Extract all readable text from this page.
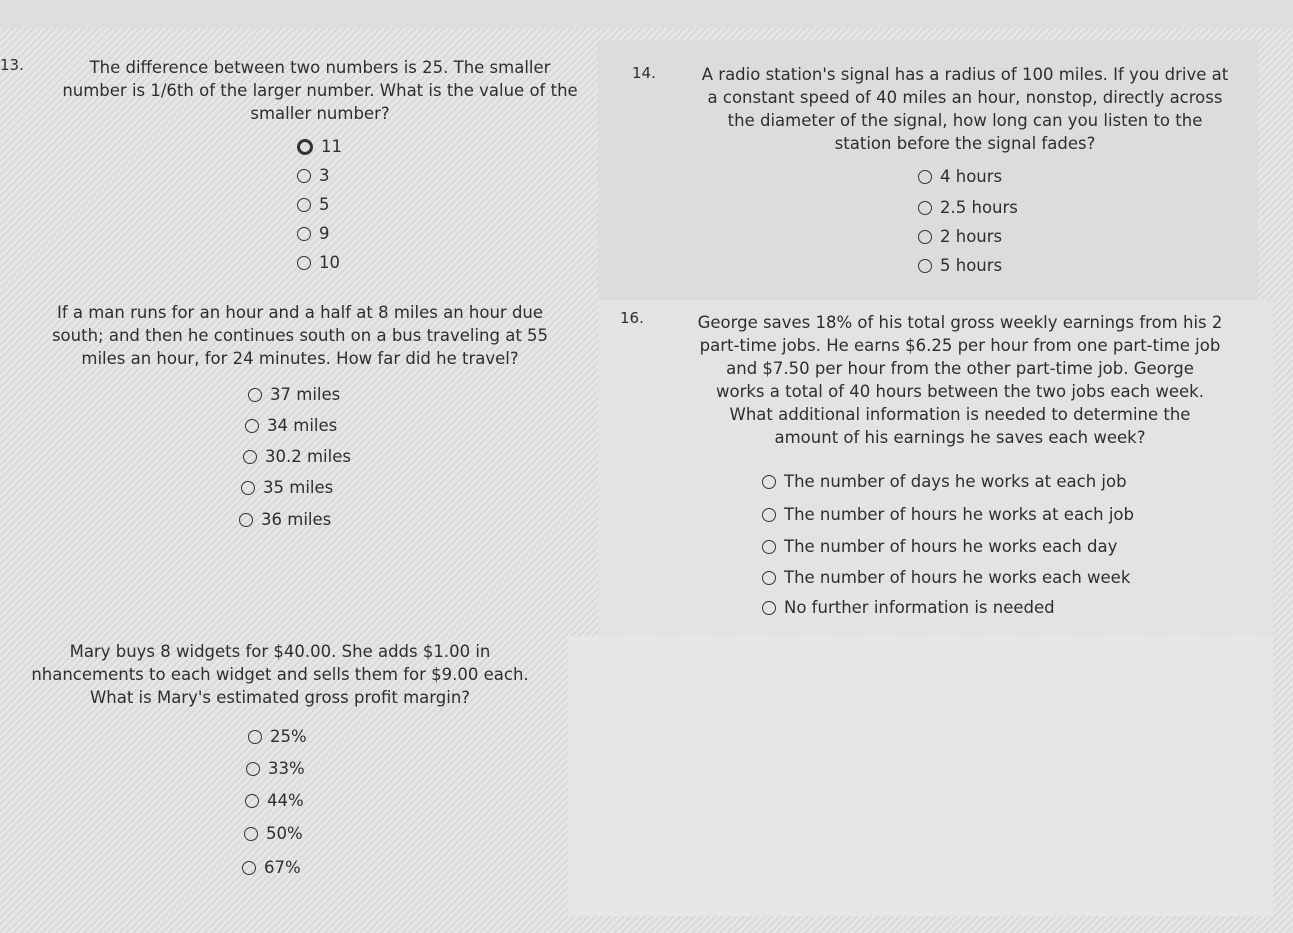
13.	The difference between two numbers is 25. The smaller
number is 1/6th of the larger number. What is the value of the
smaller number?
11
3
5
9
10
14.	A radio station's signal has a radius of 100 miles. If you drive at
a constant speed of 40 miles an hour, nonstop, directly across
the diameter of the signal, how long can you listen to the
station before the signal fades?
4 hours
2.5 hours
2 hours
5 hours
If a man runs for an hour and a half at 8 miles an hour due
south; and then he continues south on a bus traveling at 55
miles an hour, for 24 minutes. How far did he travel?
37 miles
34 miles
30.2 miles
35 miles
36 miles
16.	George saves 18% of his total gross weekly earnings from his 2
part-time jobs. He earns $6.25 per hour from one part-time job
and $7.50 per hour from the other part-time job. George
works a total of 40 hours between the two jobs each week.
What additional information is needed to determine the
amount of his earnings he saves each week?
The number of days he works at each job
The number of hours he works at each job
The number of hours he works each day
The number of hours he works each week
No further information is needed
Mary buys 8 widgets for $40.00. She adds $1.00 in
nhancements to each widget and sells them for $9.00 each.
What is Mary's estimated gross profit margin?
25%
33%
44%
50%
67%
